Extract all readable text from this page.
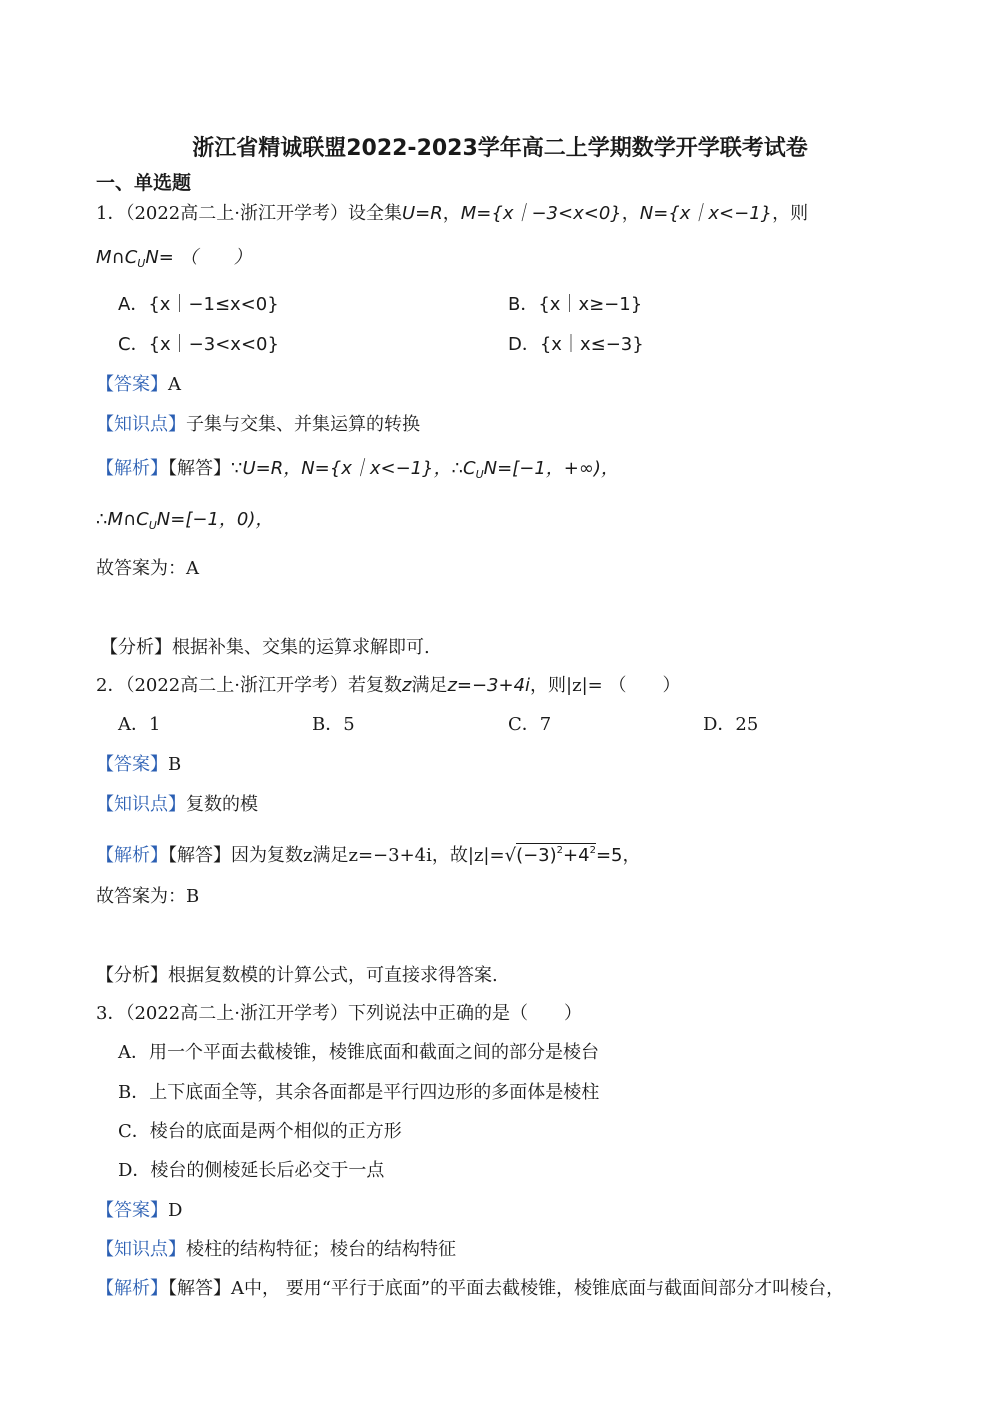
浙江省精诚联盟2022-2023学年高二上学期数学开学联考试卷
一、单选题
1．（2022高二上·浙江开学考）设全集U=R，M={x｜−3<x<0}，N={x｜x<−1}，则
$M\cap C_UN=$ （　　）
A．{x｜−1≤x<0}	B．{x｜x≥−1}
C．{x｜−3<x<0}	D．{x｜x≤−3}
【答案】A
【知识点】子集与交集、并集运算的转换
【解析】【解答】∵U=R，N={x｜x<−1}，$\therefore C_UN=[-1$，+∞)，
$\therefore M\cap C_UN=[-1$，0)，
故答案为：A
【分析】根据补集、交集的运算求解即可.
2．（2022高二上·浙江开学考）若复数z满足z=−3+4i，则|z|= （　　）
A．1	B．5	C．7	D．25
【答案】B
【知识点】复数的模
【解析】【解答】因为复数z满足z=−3+4i，故$|z|=√(-3)^2+4^2=5$，
故答案为：B
【分析】根据复数模的计算公式，可直接求得答案.
3．（2022高二上·浙江开学考）下列说法中正确的是（　　）
A．用一个平面去截棱锥，棱锥底面和截面之间的部分是棱台
B．上下底面全等，其余各面都是平行四边形的多面体是棱柱
C．棱台的底面是两个相似的正方形
D．棱台的侧棱延长后必交于一点
【答案】D
【知识点】棱柱的结构特征；棱台的结构特征
【解析】【解答】A中， 要用“平行于底面”的平面去截棱锥，棱锥底面与截面间部分才叫棱台，
